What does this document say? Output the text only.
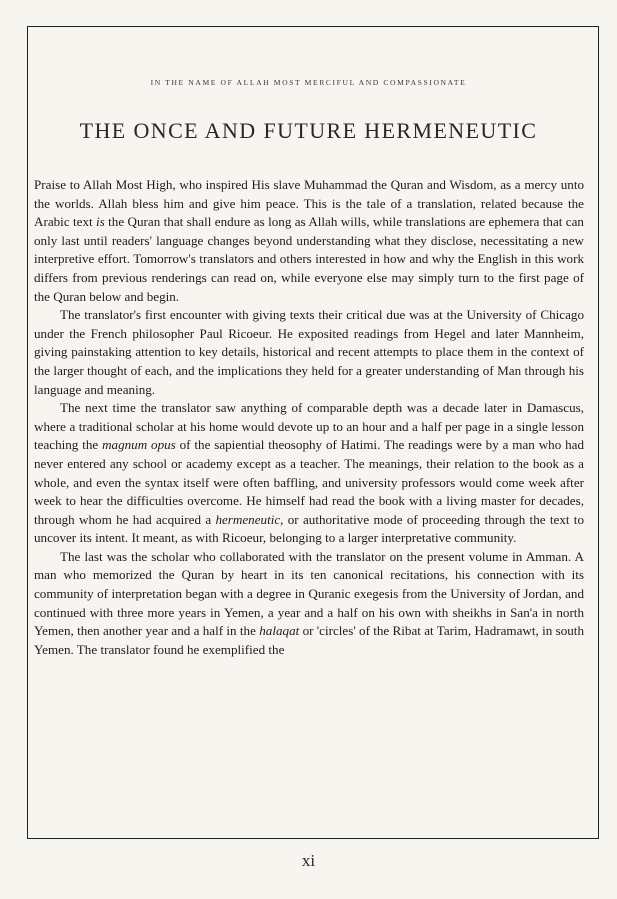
IN THE NAME OF ALLAH MOST MERCIFUL AND COMPASSIONATE
THE ONCE AND FUTURE HERMENEUTIC

Praise to Allah Most High, who inspired His slave Muhammad the Quran and Wisdom, as a mercy unto the worlds. Allah bless him and give him peace. This is the tale of a translation, related because the Arabic text is the Quran that shall endure as long as Allah wills, while translations are ephemera that can only last until readers' language changes beyond understanding what they disclose, necessitating a new interpretive effort. Tomorrow's translators and others interested in how and why the English in this work differs from previous renderings can read on, while everyone else may simply turn to the first page of the Quran below and begin.

The translator's first encounter with giving texts their critical due was at the University of Chicago under the French philosopher Paul Ricoeur. He exposited readings from Hegel and later Mannheim, giving painstaking attention to key details, historical and recent attempts to place them in the context of the larger thought of each, and the implications they held for a greater understanding of Man through his language and meaning.

The next time the translator saw anything of comparable depth was a decade later in Damascus, where a traditional scholar at his home would devote up to an hour and a half per page in a single lesson teaching the magnum opus of the sapiential theosophy of Hatimi. The readings were by a man who had never entered any school or academy except as a teacher. The meanings, their relation to the book as a whole, and even the syntax itself were often baffling, and university professors would come week after week to hear the difficulties overcome. He himself had read the book with a living master for decades, through whom he had acquired a hermeneutic, or authoritative mode of proceeding through the text to uncover its intent. It meant, as with Ricoeur, belonging to a larger interpretative community.

The last was the scholar who collaborated with the translator on the present volume in Amman. A man who memorized the Quran by heart in its ten canonical recitations, his connection with its community of interpretation began with a degree in Quranic exegesis from the University of Jordan, and continued with three more years in Yemen, a year and a half on his own with sheikhs in San'a in north Yemen, then another year and a half in the halaqat or 'circles' of the Ribat at Tarim, Hadramawt, in south Yemen. The translator found he exemplified the

xi
